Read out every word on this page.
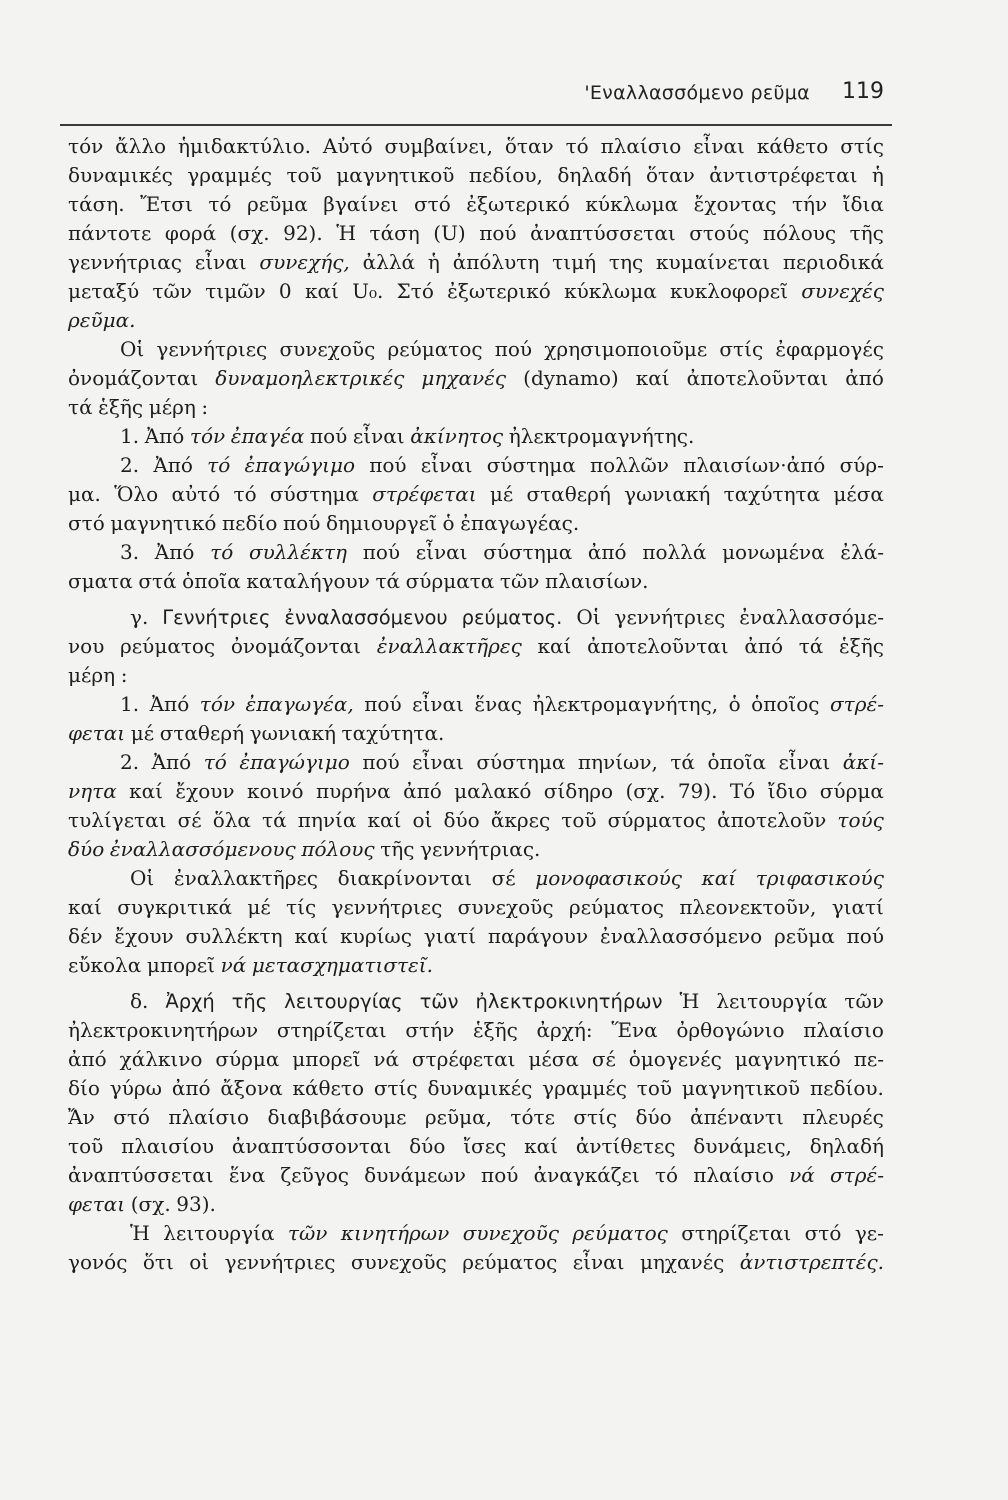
'Εναλλασσόμενο ρεῦμα 119
τόν ἄλλο ἡμιδακτύλιο. Αὐτό συμβαίνει, ὅταν τό πλαίσιο εἶναι κάθετο στίς
δυναμικές γραμμές τοῦ μαγνητικοῦ πεδίου, δηλαδή ὅταν ἀντιστρέφεται ἡ
τάση. Ἔτσι τό ρεῦμα βγαίνει στό ἐξωτερικό κύκλωμα ἔχοντας τήν ἴδια
πάντοτε φορά (σχ. 92). Ἡ τάση (U) πού ἀναπτύσσεται στούς πόλους τῆς
γεννήτριας εἶναι συνεχής, ἀλλά ἡ ἀπόλυτη τιμή της κυμαίνεται περιοδικά
μεταξύ τῶν τιμῶν 0 καί U₀. Στό ἐξωτερικό κύκλωμα κυκλοφορεῖ συνεχές
ρεῦμα.
Οἱ γεννήτριες συνεχοῦς ρεύματος πού χρησιμοποιοῦμε στίς ἐφαρμογές
ὀνομάζονται δυναμοηλεκτρικές μηχανές (dynamo) καί ἀποτελοῦνται ἀπό
τά ἑξῆς μέρη :
1. Ἀπό τόν ἐπαγέα πού εἶναι ἀκίνητος ἠλεκτρομαγνήτης.
2. Ἀπό τό ἐπαγώγιμο πού εἶναι σύστημα πολλῶν πλαισίων·ἀπό σύρ-
μα. Ὅλο αὐτό τό σύστημα στρέφεται μέ σταθερή γωνιακή ταχύτητα μέσα
στό μαγνητικό πεδίο πού δημιουργεῖ ὁ ἐπαγωγέας.
3. Ἀπό τό συλλέκτη πού εἶναι σύστημα ἀπό πολλά μονωμένα ἐλά-
σματα στά ὁποῖα καταλήγουν τά σύρματα τῶν πλαισίων.
γ. Γεννήτριες ἐνναλασσόμενου ρεύματος. Οἱ γεννήτριες ἐναλλασσόμε-
νου ρεύματος ὀνομάζονται ἐναλλακτῆρες καί ἀποτελοῦνται ἀπό τά ἑξῆς
μέρη :
1. Ἀπό τόν ἐπαγωγέα, πού εἶναι ἕνας ἠλεκτρομαγνήτης, ὁ ὁποῖος στρέ-
φεται μέ σταθερή γωνιακή ταχύτητα.
2. Ἀπό τό ἐπαγώγιμο πού εἶναι σύστημα πηνίων, τά ὁποῖα εἶναι ἀκί-
νητα καί ἔχουν κοινό πυρήνα ἀπό μαλακό σίδηρο (σχ. 79). Τό ἴδιο σύρμα
τυλίγεται σέ ὅλα τά πηνία καί οἱ δύο ἄκρες τοῦ σύρματος ἀποτελοῦν τούς
δύο ἐναλλασσόμενους πόλους τῆς γεννήτριας.
Οἱ ἐναλλακτῆρες διακρίνονται σέ μονοφασικούς καί τριφασικούς
καί συγκριτικά μέ τίς γεννήτριες συνεχοῦς ρεύματος πλεονεκτοῦν, γιατί
δέν ἔχουν συλλέκτη καί κυρίως γιατί παράγουν ἐναλλασσόμενο ρεῦμα πού
εὔκολα μπορεῖ νά μετασχηματιστεῖ.
δ. Ἀρχή τῆς λειτουργίας τῶν ἠλεκτροκινητήρων Ἡ λειτουργία τῶν
ἠλεκτροκινητήρων στηρίζεται στήν ἑξῆς ἀρχή: Ἕνα ὀρθογώνιο πλαίσιο
ἀπό χάλκινο σύρμα μπορεῖ νά στρέφεται μέσα σέ ὁμογενές μαγνητικό πε-
δίο γύρω ἀπό ἄξονα κάθετο στίς δυναμικές γραμμές τοῦ μαγνητικοῦ πεδίου.
Ἄν στό πλαίσιο διαβιβάσουμε ρεῦμα, τότε στίς δύο ἀπέναντι πλευρές
τοῦ πλαισίου ἀναπτύσσονται δύο ἴσες καί ἀντίθετες δυνάμεις, δηλαδή
ἀναπτύσσεται ἕνα ζεῦγος δυνάμεων πού ἀναγκάζει τό πλαίσιο νά στρέ-
φεται (σχ. 93).
Ἡ λειτουργία τῶν κινητήρων συνεχοῦς ρεύματος στηρίζεται στό γε-
γονός ὅτι οἱ γεννήτριες συνεχοῦς ρεύματος εἶναι μηχανές ἀντιστρεπτές.
